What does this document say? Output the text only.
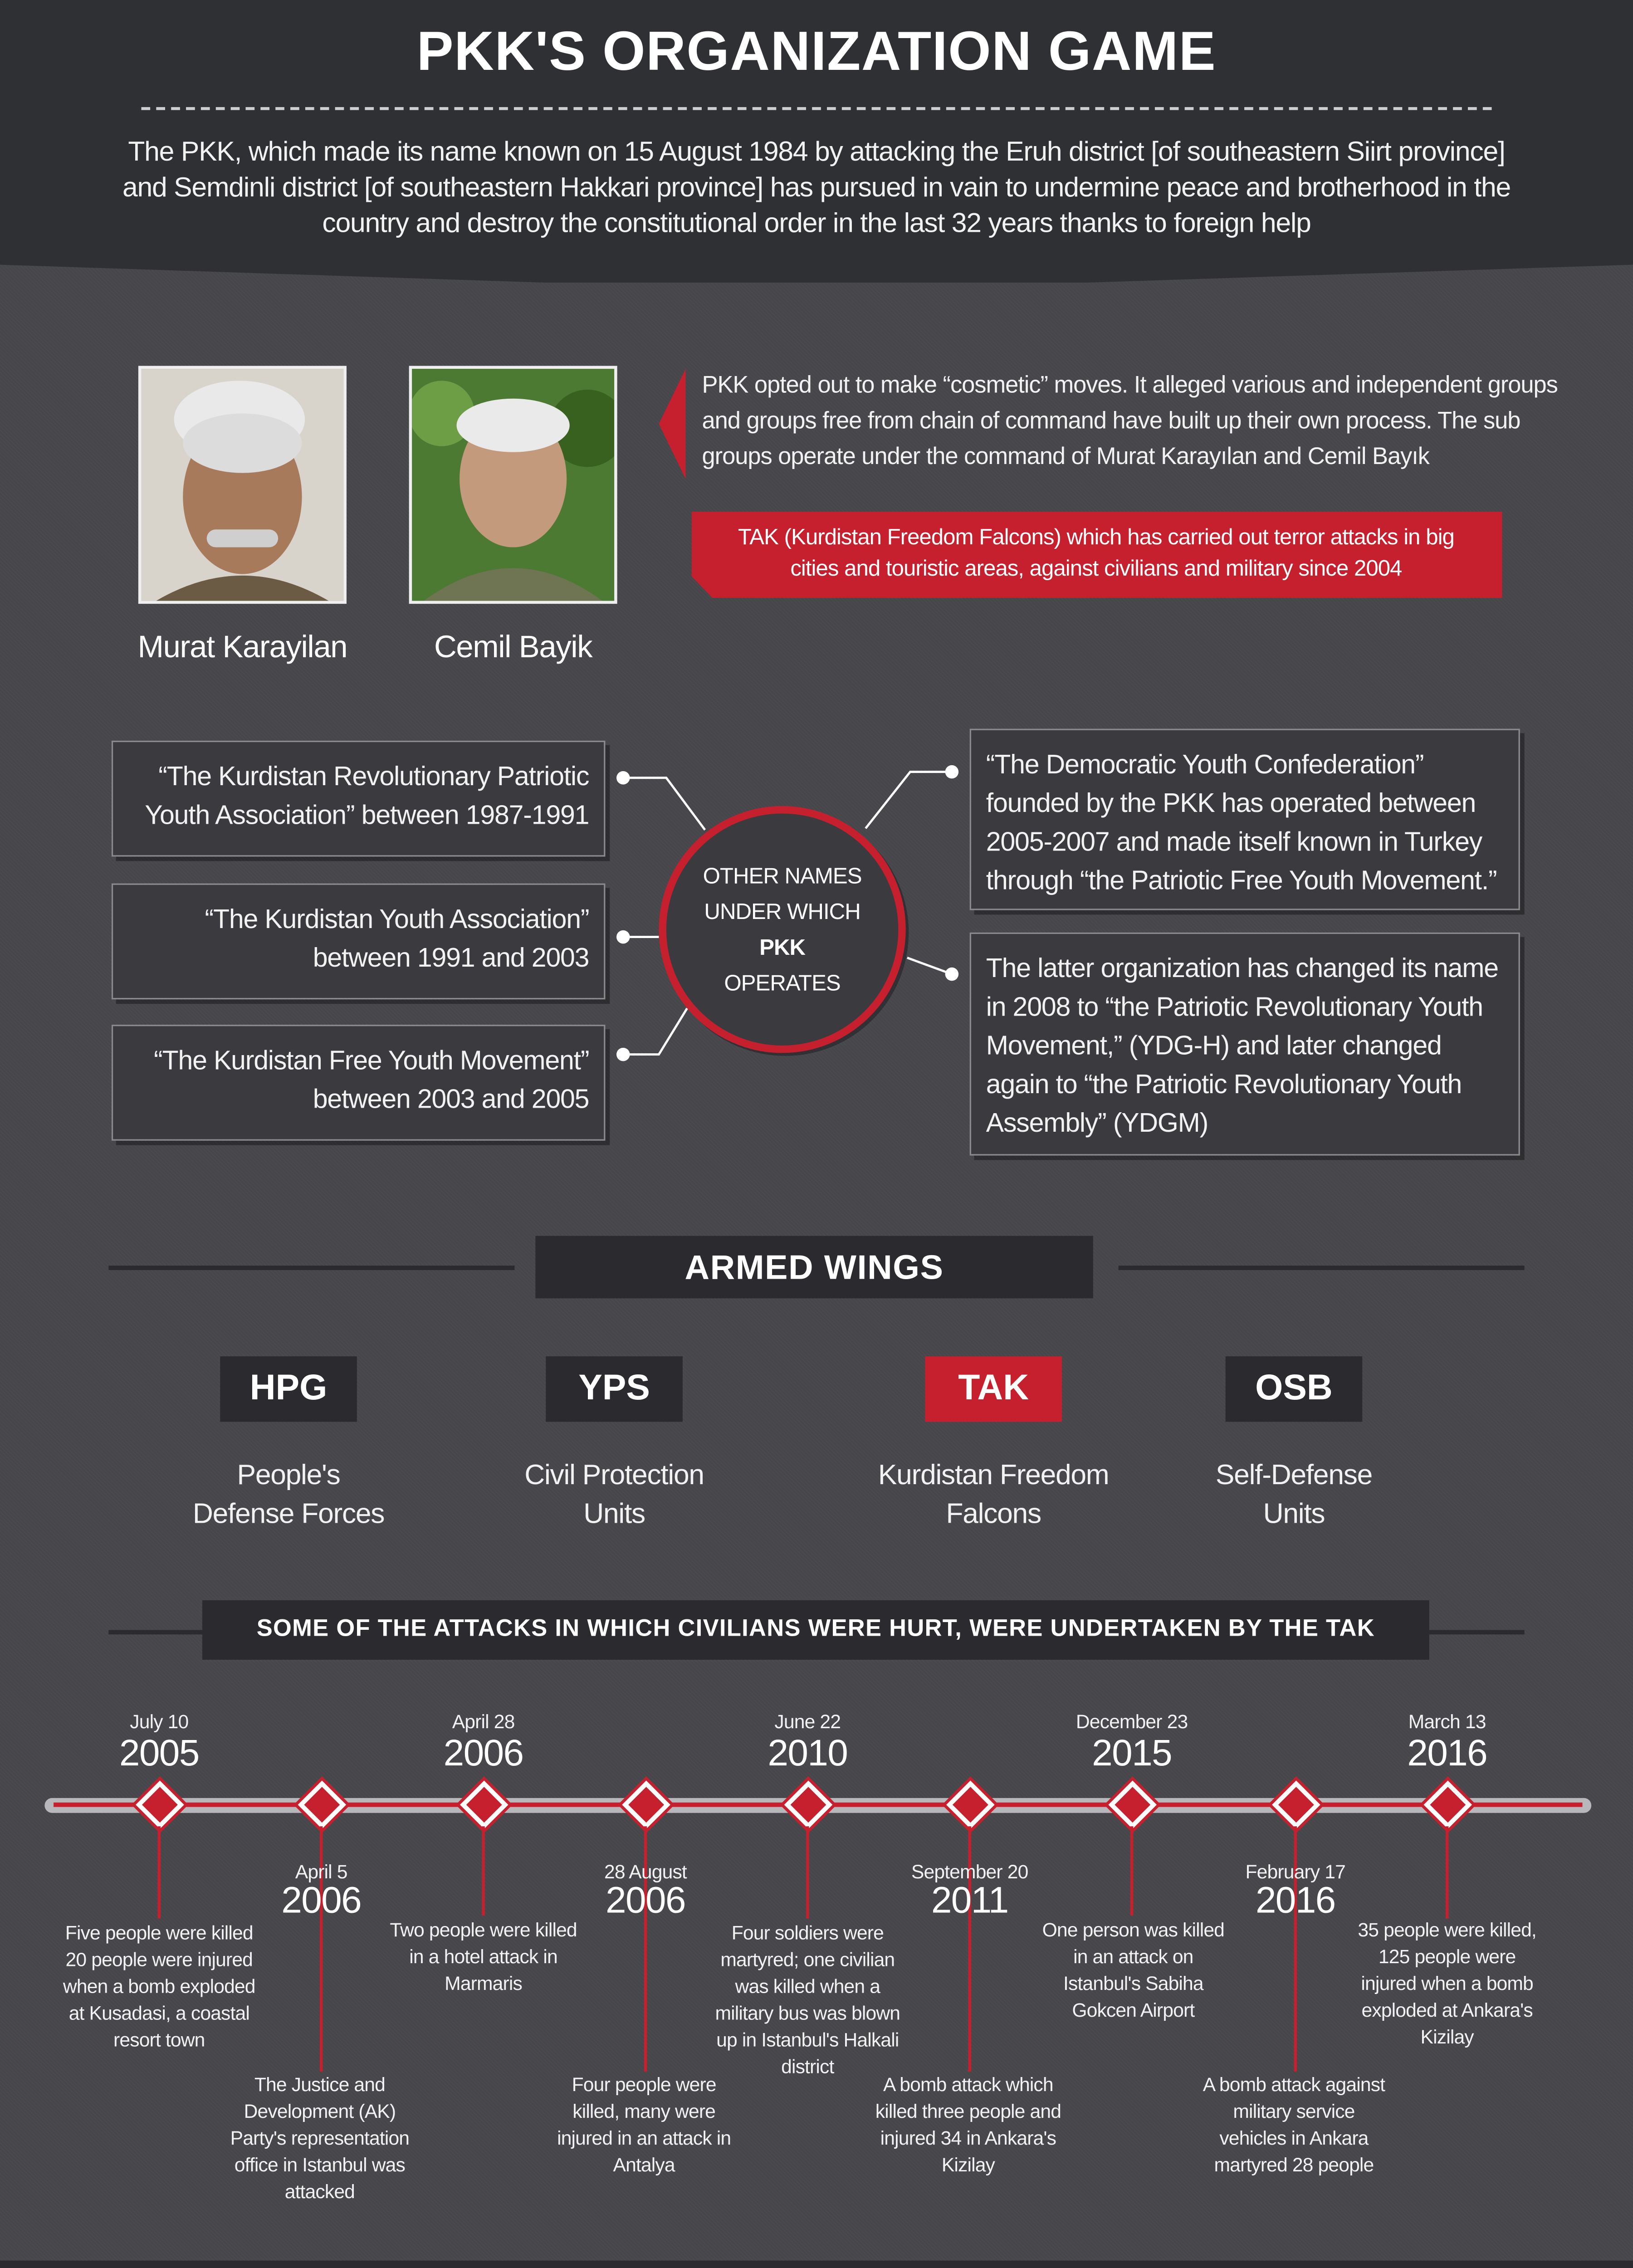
PKK'S ORGANIZATION GAME
The PKK, which made its name known on 15 August 1984 by attacking the Eruh district [of southeastern Siirt province] and Semdinli district [of southeastern Hakkari province] has pursued in vain to undermine peace and brotherhood in the country and destroy the constitutional order in the last 32 years thanks to foreign help
Murat Karayilan	Cemil Bayik
PKK opted out to make “cosmetic” moves. It alleged various and independent groups and groups free from chain of command have built up their own process. The sub groups operate under the command of Murat Karayılan and Cemil Bayık
TAK (Kurdistan Freedom Falcons) which has carried out terror attacks in big cities and touristic areas, against civilians and military since 2004
“The Kurdistan Revolutionary Patriotic Youth Association” between 1987-1991
“The Kurdistan Youth Association” between 1991 and 2003
“The Kurdistan Free Youth Movement” between 2003 and 2005
“The Democratic Youth Confederation” founded by the PKK has operated between 2005-2007 and made itself known in Turkey through “the Patriotic Free Youth Movement.”
The latter organization has changed its name in 2008 to “the Patriotic Revolutionary Youth Movement,” (YDG-H) and later changed again to “the Patriotic Revolutionary Youth Assembly” (YDGM)
OTHER NAMES
UNDER WHICH
PKK
OPERATES
ARMED WINGS
HPG	YPS	TAK	OSB
People's
Defense Forces
Civil Protection
Units
Kurdistan Freedom
Falcons
Self-Defense
Units
SOME OF THE ATTACKS IN WHICH CIVILIANS WERE HURT, WERE UNDERTAKEN BY THE TAK
July 10
2005
Five people were killed 20 people were injured when a bomb exploded at Kusadasi, a coastal resort town
April 5
2006
The Justice and Development (AK) Party's representation office in Istanbul was attacked
April 28
2006
Two people were killed in a hotel attack in Marmaris
28 August
2006
Four people were killed, many were injured in an attack in Antalya
June 22
2010
Four soldiers were martyred; one civilian was killed when a military bus was blown up in Istanbul's Halkali district
September 20
2011
A bomb attack which killed three people and injured 34 in Ankara's Kizilay
December 23
2015
One person was killed in an attack on Istanbul's Sabiha Gokcen Airport
February 17
2016
A bomb attack against military service vehicles in Ankara martyred 28 people
March 13
2016
35 people were killed, 125 people were injured when a bomb exploded at Ankara's Kizilay
